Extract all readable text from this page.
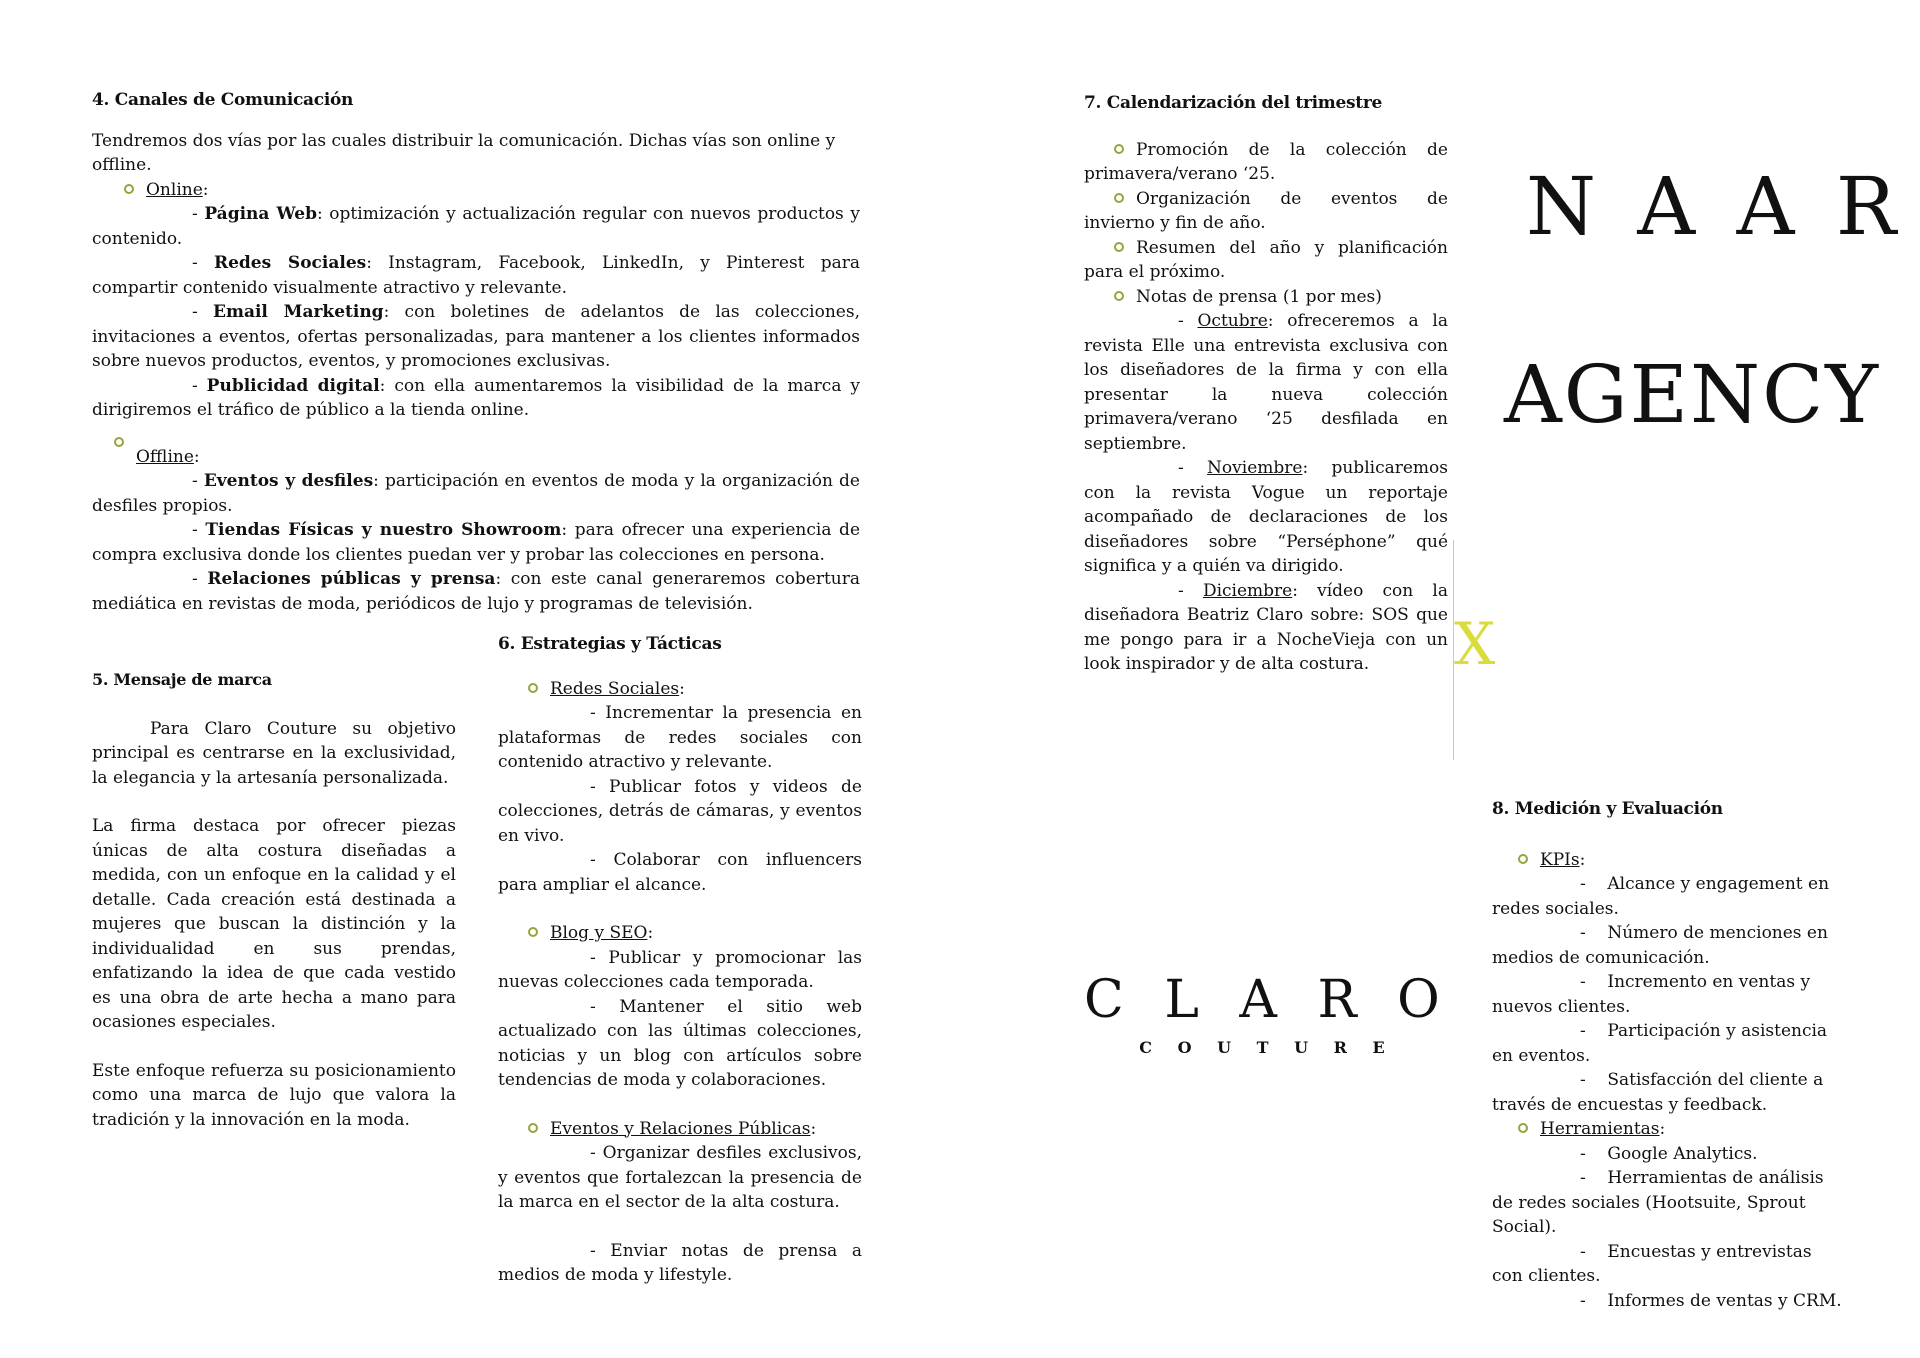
4. Canales de Comunicación

Tendremos dos vías por las cuales distribuir la comunicación. Dichas vías son online y offline.

Online:

- Página Web: optimización y actualización regular con nuevos productos y contenido.

- Redes Sociales: Instagram, Facebook, LinkedIn, y Pinterest para compartir contenido visualmente atractivo y relevante.

- Email Marketing: con boletines de adelantos de las colecciones, invitaciones a eventos, ofertas personalizadas, para mantener a los clientes informados sobre nuevos productos, eventos, y promociones exclusivas.

- Publicidad digital: con ella aumentaremos la visibilidad de la marca y dirigiremos el tráfico de público a la tienda online.

Offline:

- Eventos y desfiles: participación en eventos de moda y la organización de desfiles propios.

- Tiendas Físicas y nuestro Showroom: para ofrecer una experiencia de compra exclusiva donde los clientes puedan ver y probar las colecciones en persona.

- Relaciones públicas y prensa: con este canal generaremos cobertura mediática en revistas de moda, periódicos de lujo y programas de televisión.

5. Mensaje de marca

Para Claro Couture su objetivo principal es centrarse en la exclusividad, la elegancia y la artesanía personalizada.

La firma destaca por ofrecer piezas únicas de alta costura diseñadas a medida, con un enfoque en la calidad y el detalle. Cada creación está destinada a mujeres que buscan la distinción y la individualidad en sus prendas, enfatizando la idea de que cada vestido es una obra de arte hecha a mano para ocasiones especiales.

Este enfoque refuerza su posicionamiento como una marca de lujo que valora la tradición y la innovación en la moda.

6. Estrategias y Tácticas

Redes Sociales:

- Incrementar la presencia en plataformas de redes sociales con contenido atractivo y relevante.

- Publicar fotos y videos de colecciones, detrás de cámaras, y eventos en vivo.

- Colaborar con influencers para ampliar el alcance.

Blog y SEO:

- Publicar y promocionar las nuevas colecciones cada temporada.

- Mantener el sitio web actualizado con las últimas colecciones, noticias y un blog con artículos sobre tendencias de moda y colaboraciones.

Eventos y Relaciones Públicas:

- Organizar desfiles exclusivos, y eventos que fortalezcan la presencia de la marca en el sector de la alta costura.

- Enviar notas de prensa a medios de moda y lifestyle.

7. Calendarización del trimestre

Promoción de la colección de primavera/verano ‘25.

Organización de eventos de invierno y fin de año.

Resumen del año y planificación para el próximo.

Notas de prensa (1 por mes)

- Octubre: ofreceremos a la revista Elle una entrevista exclusiva con los diseñadores de la firma y con ella presentar la nueva colección primavera/verano ‘25 desfilada en septiembre.

- Noviembre: publicaremos con la revista Vogue un reportaje acompañado de declaraciones de los diseñadores sobre “Perséphone” qué significa y a quién va dirigido.

- Diciembre: vídeo con la diseñadora Beatriz Claro sobre: SOS que me pongo para ir a NocheVieja con un look inspirador y de alta costura.

N A A R
AGENCY
X
C L A R O
C O U T U R E
8. Medición y Evaluación

KPIs:

-    Alcance y engagement en redes sociales.

-    Número de menciones en medios de comunicación.

-    Incremento en ventas y nuevos clientes.

-    Participación y asistencia en eventos.

-    Satisfacción del cliente a través de encuestas y feedback.

Herramientas:

-    Google Analytics.

-    Herramientas de análisis de redes sociales (Hootsuite, Sprout Social).

-    Encuestas y entrevistas con clientes.

-    Informes de ventas y CRM.
